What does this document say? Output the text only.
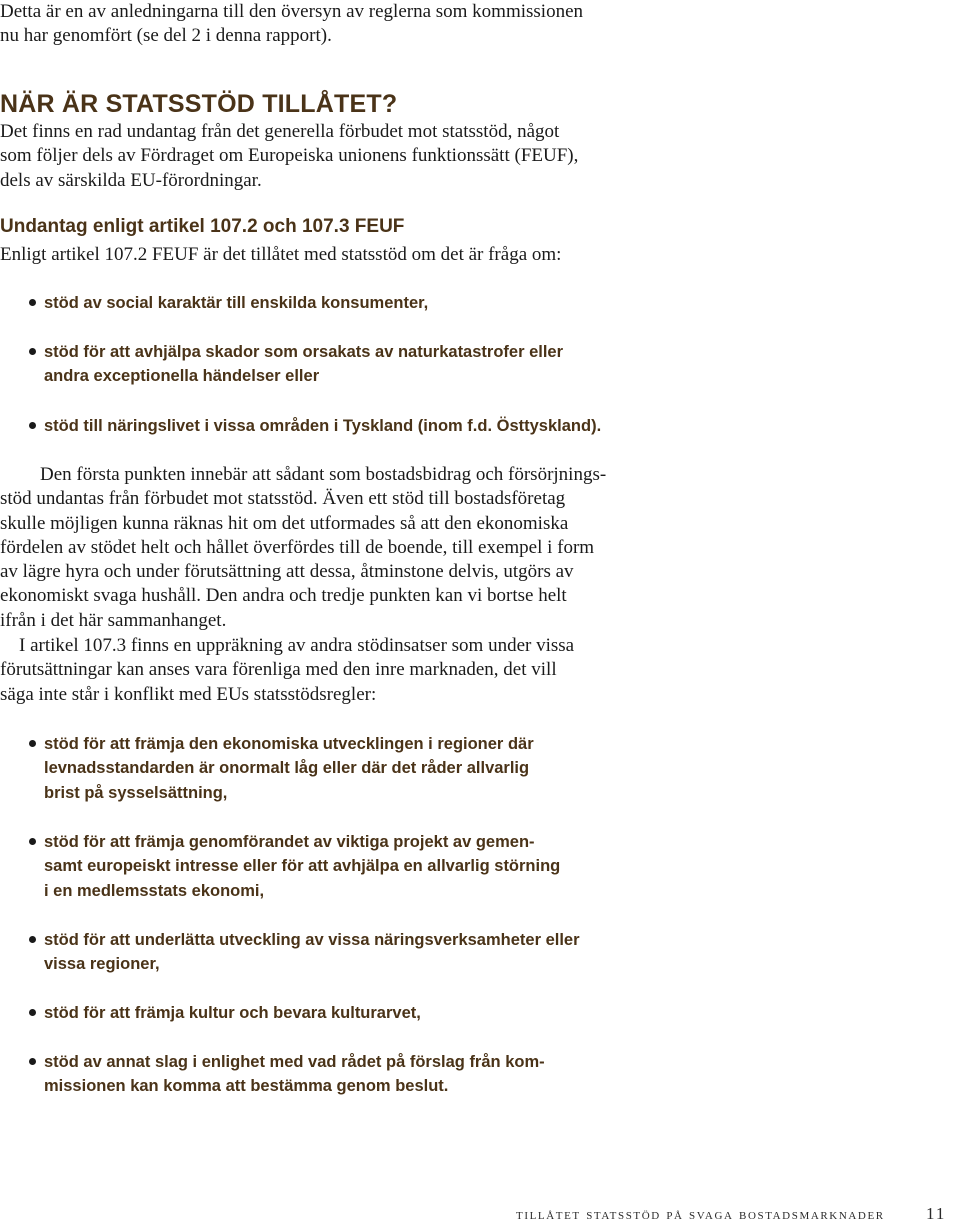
Detta är en av anledningarna till den översyn av reglerna som kommissionen
nu har genomfört (se del 2 i denna rapport).

NÄR ÄR STATSSTÖD TILLÅTET?

Det finns en rad undantag från det generella förbudet mot statsstöd, något
som följer dels av Fördraget om Europeiska unionens funktionssätt (FEUF),
dels av särskilda EU-förordningar.

Undantag enligt artikel 107.2 och 107.3 FEUF

Enligt artikel 107.2 FEUF är det tillåtet med statsstöd om det är fråga om:

stöd av social karaktär till enskilda konsumenter,
stöd för att avhjälpa skador som orsakats av naturkatastrofer eller
andra exceptionella händelser eller
stöd till näringslivet i vissa områden i Tyskland (inom f.d. Östtyskland).

Den första punkten innebär att sådant som bostadsbidrag och försörjnings-
stöd undantas från förbudet mot statsstöd. Även ett stöd till bostadsföretag
skulle möjligen kunna räknas hit om det utformades så att den ekonomiska
fördelen av stödet helt och hållet överfördes till de boende, till exempel i form
av lägre hyra och under förutsättning att dessa, åtminstone delvis, utgörs av
ekonomiskt svaga hushåll. Den andra och tredje punkten kan vi bortse helt
ifrån i det här sammanhanget.

I artikel 107.3 finns en uppräkning av andra stödinsatser som under vissa
förutsättningar kan anses vara förenliga med den inre marknaden, det vill
säga inte står i konflikt med EUs statsstödsregler:

stöd för att främja den ekonomiska utvecklingen i regioner där
levnadsstandarden är onormalt låg eller där det råder allvarlig
brist på sysselsättning,
stöd för att främja genomförandet av viktiga projekt av gemen-
samt europeiskt intresse eller för att avhjälpa en allvarlig störning
i en medlemsstats ekonomi,
stöd för att underlätta utveckling av vissa näringsverksamheter eller
vissa regioner,
stöd för att främja kultur och bevara kulturarvet,
stöd av annat slag i enlighet med vad rådet på förslag från kom-
missionen kan komma att bestämma genom beslut.
tillåtet statsstöd på svaga bostadsmarknader 11
